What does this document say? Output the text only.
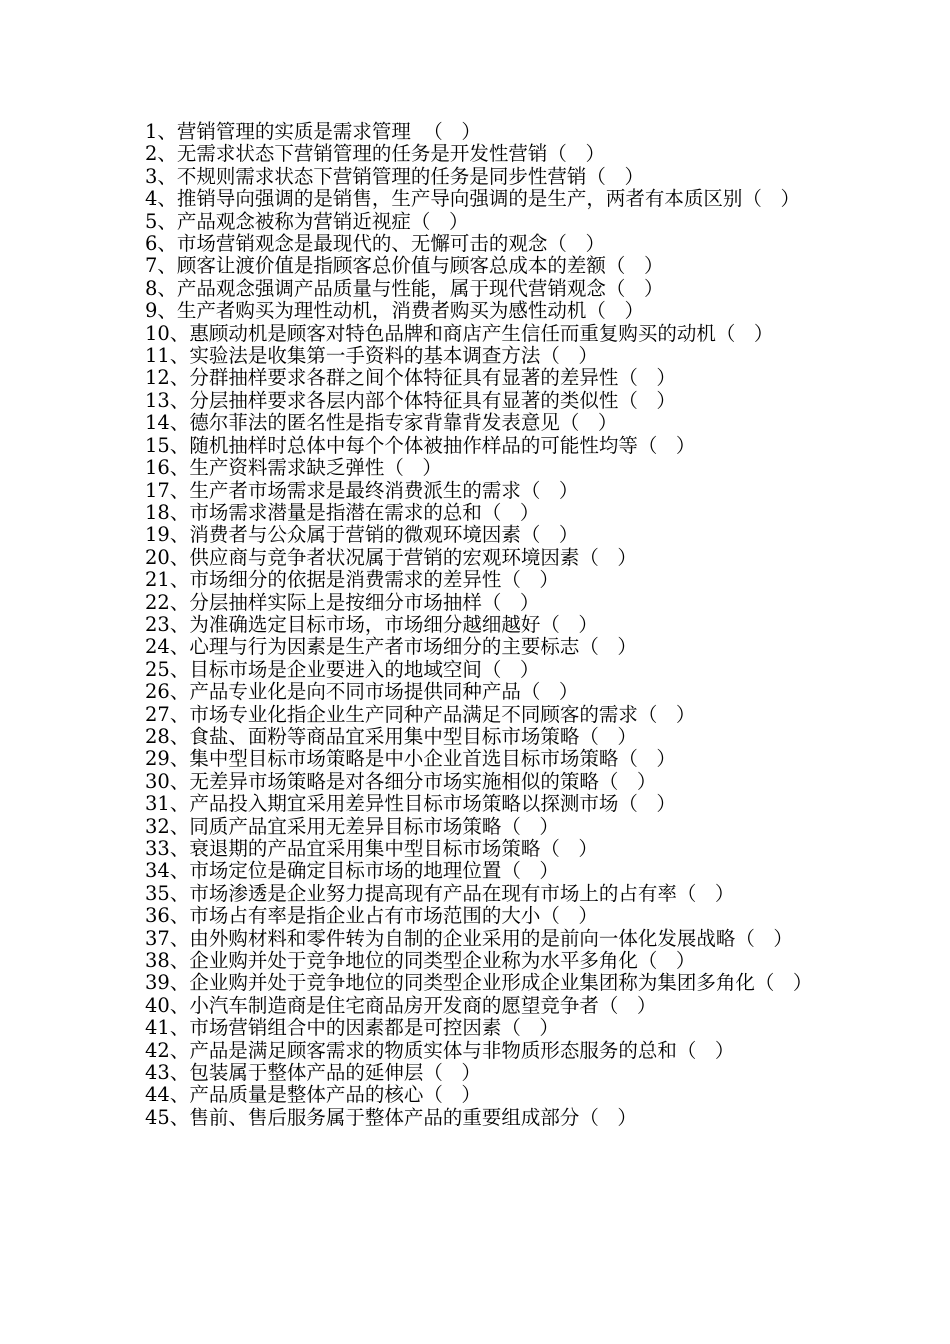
1、营销管理的实质是需求管理  （   ）

2、无需求状态下营销管理的任务是开发性营销（   ）

3、不规则需求状态下营销管理的任务是同步性营销（   ）

4、推销导向强调的是销售，生产导向强调的是生产，两者有本质区别（   ）

5、产品观念被称为营销近视症（   ）

6、市场营销观念是最现代的、无懈可击的观念（   ）

7、顾客让渡价值是指顾客总价值与顾客总成本的差额（   ）

8、产品观念强调产品质量与性能，属于现代营销观念（   ）

9、生产者购买为理性动机，消费者购买为感性动机（   ）

10、惠顾动机是顾客对特色品牌和商店产生信任而重复购买的动机（   ）

11、实验法是收集第一手资料的基本调查方法（   ）

12、分群抽样要求各群之间个体特征具有显著的差异性（   ）

13、分层抽样要求各层内部个体特征具有显著的类似性（   ）

14、德尔菲法的匿名性是指专家背靠背发表意见（   ）

15、随机抽样时总体中每个个体被抽作样品的可能性均等（   ）

16、生产资料需求缺乏弹性（   ）

17、生产者市场需求是最终消费派生的需求（   ）

18、市场需求潜量是指潜在需求的总和（   ）

19、消费者与公众属于营销的微观环境因素（   ）

20、供应商与竞争者状况属于营销的宏观环境因素（   ）

21、市场细分的依据是消费需求的差异性（   ）

22、分层抽样实际上是按细分市场抽样（   ）

23、为准确选定目标市场，市场细分越细越好（   ）

24、心理与行为因素是生产者市场细分的主要标志（   ）

25、目标市场是企业要进入的地域空间（   ）

26、产品专业化是向不同市场提供同种产品（   ）

27、市场专业化指企业生产同种产品满足不同顾客的需求（   ）

28、食盐、面粉等商品宜采用集中型目标市场策略（   ）

29、集中型目标市场策略是中小企业首选目标市场策略（   ）

30、无差异市场策略是对各细分市场实施相似的策略（   ）

31、产品投入期宜采用差异性目标市场策略以探测市场（   ）

32、同质产品宜采用无差异目标市场策略（   ）

33、衰退期的产品宜采用集中型目标市场策略（   ）

34、市场定位是确定目标市场的地理位置（   ）

35、市场渗透是企业努力提高现有产品在现有市场上的占有率（   ）

36、市场占有率是指企业占有市场范围的大小（   ）

37、由外购材料和零件转为自制的企业采用的是前向一体化发展战略（   ）

38、企业购并处于竞争地位的同类型企业称为水平多角化（   ）

39、企业购并处于竞争地位的同类型企业形成企业集团称为集团多角化（   ）

40、小汽车制造商是住宅商品房开发商的愿望竞争者（   ）

41、市场营销组合中的因素都是可控因素（   ）

42、产品是满足顾客需求的物质实体与非物质形态服务的总和（   ）

43、包装属于整体产品的延伸层（   ）

44、产品质量是整体产品的核心（   ）

45、售前、售后服务属于整体产品的重要组成部分（   ）
